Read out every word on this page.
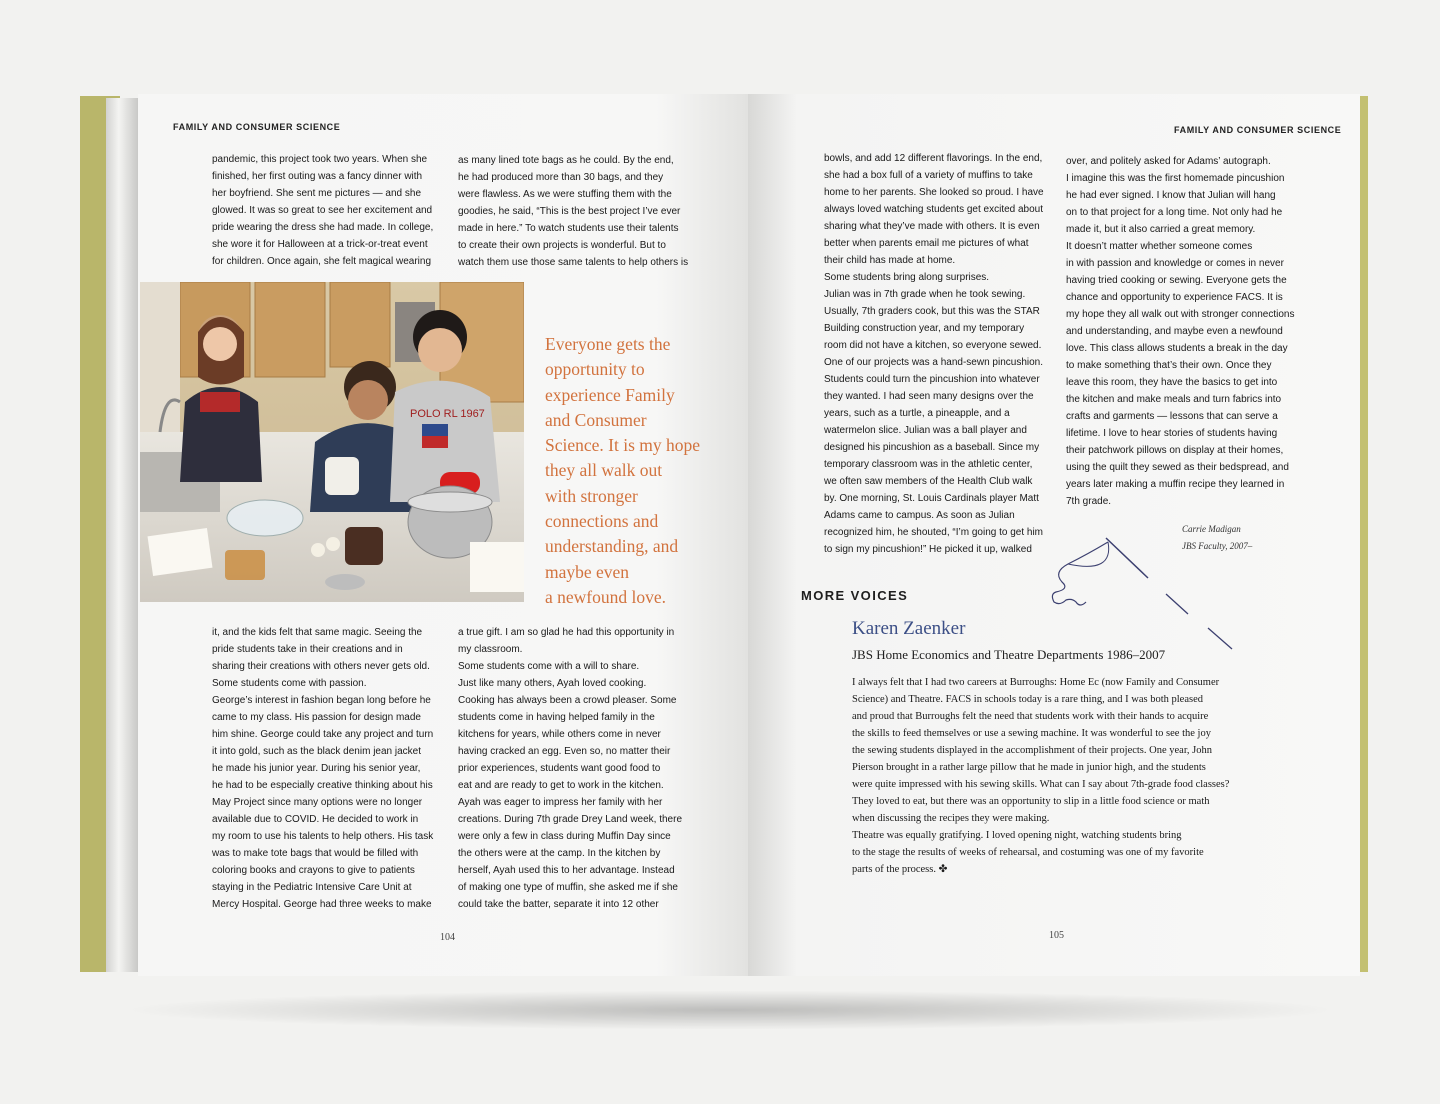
FAMILY AND CONSUMER SCIENCE
pandemic, this project took two years. When she
finished, her first outing was a fancy dinner with
her boyfriend. She sent me pictures — and she
glowed. It was so great to see her excitement and
pride wearing the dress she had made. In college,
she wore it for Halloween at a trick-or-treat event
for children. Once again, she felt magical wearing
as many lined tote bags as he could. By the end,
he had produced more than 30 bags, and they
were flawless. As we were stuffing them with the
goodies, he said, “This is the best project I’ve ever
made in here.” To watch students use their talents
to create their own projects is wonderful. But to
watch them use those same talents to help others is
POLO RL 1967
Everyone gets the
opportunity to
experience Family
and Consumer
Science. It is my hope
they all walk out
with stronger
connections and
understanding, and
maybe even
a newfound love.
it, and the kids felt that same magic. Seeing the
pride students take in their creations and in
sharing their creations with others never gets old.
Some students come with passion.
George’s interest in fashion began long before he
came to my class. His passion for design made
him shine. George could take any project and turn
it into gold, such as the black denim jean jacket
he made his junior year. During his senior year,
he had to be especially creative thinking about his
May Project since many options were no longer
available due to COVID. He decided to work in
my room to use his talents to help others. His task
was to make tote bags that would be filled with
coloring books and crayons to give to patients
staying in the Pediatric Intensive Care Unit at
Mercy Hospital. George had three weeks to make
a true gift. I am so glad he had this opportunity in
my classroom.
Some students come with a will to share.
Just like many others, Ayah loved cooking.
Cooking has always been a crowd pleaser. Some
students come in having helped family in the
kitchens for years, while others come in never
having cracked an egg. Even so, no matter their
prior experiences, students want good food to
eat and are ready to get to work in the kitchen.
Ayah was eager to impress her family with her
creations. During 7th grade Drey Land week, there
were only a few in class during Muffin Day since
the others were at the camp. In the kitchen by
herself, Ayah used this to her advantage. Instead
of making one type of muffin, she asked me if she
could take the batter, separate it into 12 other
104
FAMILY AND CONSUMER SCIENCE
bowls, and add 12 different flavorings. In the end,
she had a box full of a variety of muffins to take
home to her parents. She looked so proud. I have
always loved watching students get excited about
sharing what they’ve made with others. It is even
better when parents email me pictures of what
their child has made at home.
Some students bring along surprises.
Julian was in 7th grade when he took sewing.
Usually, 7th graders cook, but this was the STAR
Building construction year, and my temporary
room did not have a kitchen, so everyone sewed.
One of our projects was a hand-sewn pincushion.
Students could turn the pincushion into whatever
they wanted. I had seen many designs over the
years, such as a turtle, a pineapple, and a
watermelon slice. Julian was a ball player and
designed his pincushion as a baseball. Since my
temporary classroom was in the athletic center,
we often saw members of the Health Club walk
by. One morning, St. Louis Cardinals player Matt
Adams came to campus. As soon as Julian
recognized him, he shouted, “I’m going to get him
to sign my pincushion!” He picked it up, walked
over, and politely asked for Adams’ autograph.
I imagine this was the first homemade pincushion
he had ever signed. I know that Julian will hang
on to that project for a long time. Not only had he
made it, but it also carried a great memory.
It doesn’t matter whether someone comes
in with passion and knowledge or comes in never
having tried cooking or sewing. Everyone gets the
chance and opportunity to experience FACS. It is
my hope they all walk out with stronger connections
and understanding, and maybe even a newfound
love. This class allows students a break in the day
to make something that’s their own. Once they
leave this room, they have the basics to get into
the kitchen and make meals and turn fabrics into
crafts and garments — lessons that can serve a
lifetime. I love to hear stories of students having
their patchwork pillows on display at their homes,
using the quilt they sewed as their bedspread, and
years later making a muffin recipe they learned in
7th grade.
Carrie Madigan
JBS Faculty, 2007–
MORE VOICES
Karen Zaenker
JBS Home Economics and Theatre Departments 1986–2007
I always felt that I had two careers at Burroughs: Home Ec (now Family and Consumer
Science) and Theatre. FACS in schools today is a rare thing, and I was both pleased
and proud that Burroughs felt the need that students work with their hands to acquire
the skills to feed themselves or use a sewing machine. It was wonderful to see the joy
the sewing students displayed in the accomplishment of their projects. One year, John
Pierson brought in a rather large pillow that he made in junior high, and the students
were quite impressed with his sewing skills. What can I say about 7th-grade food classes?
They loved to eat, but there was an opportunity to slip in a little food science or math
when discussing the recipes they were making.
Theatre was equally gratifying. I loved opening night, watching students bring
to the stage the results of weeks of rehearsal, and costuming was one of my favorite
parts of the process. ✤
105
